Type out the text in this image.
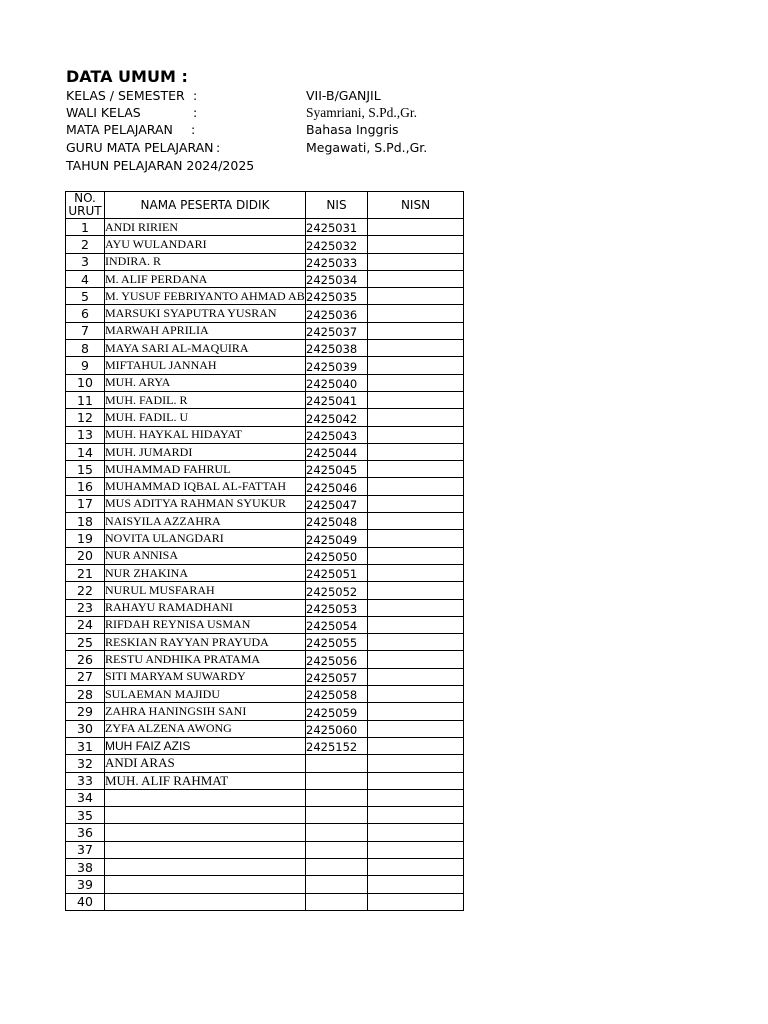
DATA UMUM :
KELAS / SEMESTER :	VII-B/GANJIL
WALI KELAS	:	Syamriani, S.Pd.,Gr.
MATA PELAJARAN :	Bahasa Inggris
GURU MATA PELAJARAN :	Megawati, S.Pd.,Gr.
TAHUN PELAJARAN 2024/2025
NO. URUT	NAMA PESERTA DIDIK	NIS	NISN
1	ANDI RIRIEN	2425031	
2	AYU WULANDARI	2425032	
3	INDIRA. R	2425033	
4	M. ALIF PERDANA	2425034	
5	M. YUSUF FEBRIYANTO AHMAD AB	2425035	
6	MARSUKI SYAPUTRA YUSRAN	2425036	
7	MARWAH APRILIA	2425037	
8	MAYA SARI AL-MAQUIRA	2425038	
9	MIFTAHUL JANNAH	2425039	
10	MUH. ARYA	2425040	
11	MUH. FADIL. R	2425041	
12	MUH. FADIL. U	2425042	
13	MUH. HAYKAL HIDAYAT	2425043	
14	MUH. JUMARDI	2425044	
15	MUHAMMAD FAHRUL	2425045	
16	MUHAMMAD IQBAL AL-FATTAH	2425046	
17	MUS ADITYA RAHMAN SYUKUR	2425047	
18	NAISYILA AZZAHRA	2425048	
19	NOVITA ULANGDARI	2425049	
20	NUR ANNISA	2425050	
21	NUR ZHAKINA	2425051	
22	NURUL MUSFARAH	2425052	
23	RAHAYU RAMADHANI	2425053	
24	RIFDAH REYNISA USMAN	2425054	
25	RESKIAN RAYYAN PRAYUDA	2425055	
26	RESTU ANDHIKA PRATAMA	2425056	
27	SITI MARYAM SUWARDY	2425057	
28	SULAEMAN MAJIDU	2425058	
29	ZAHRA HANINGSIH SANI	2425059	
30	ZYFA ALZENA AWONG	2425060	
31	MUH FAIZ AZIS	2425152	
32	ANDI ARAS		
33	MUH. ALIF RAHMAT		
34			
35			
36			
37			
38			
39			
40			
